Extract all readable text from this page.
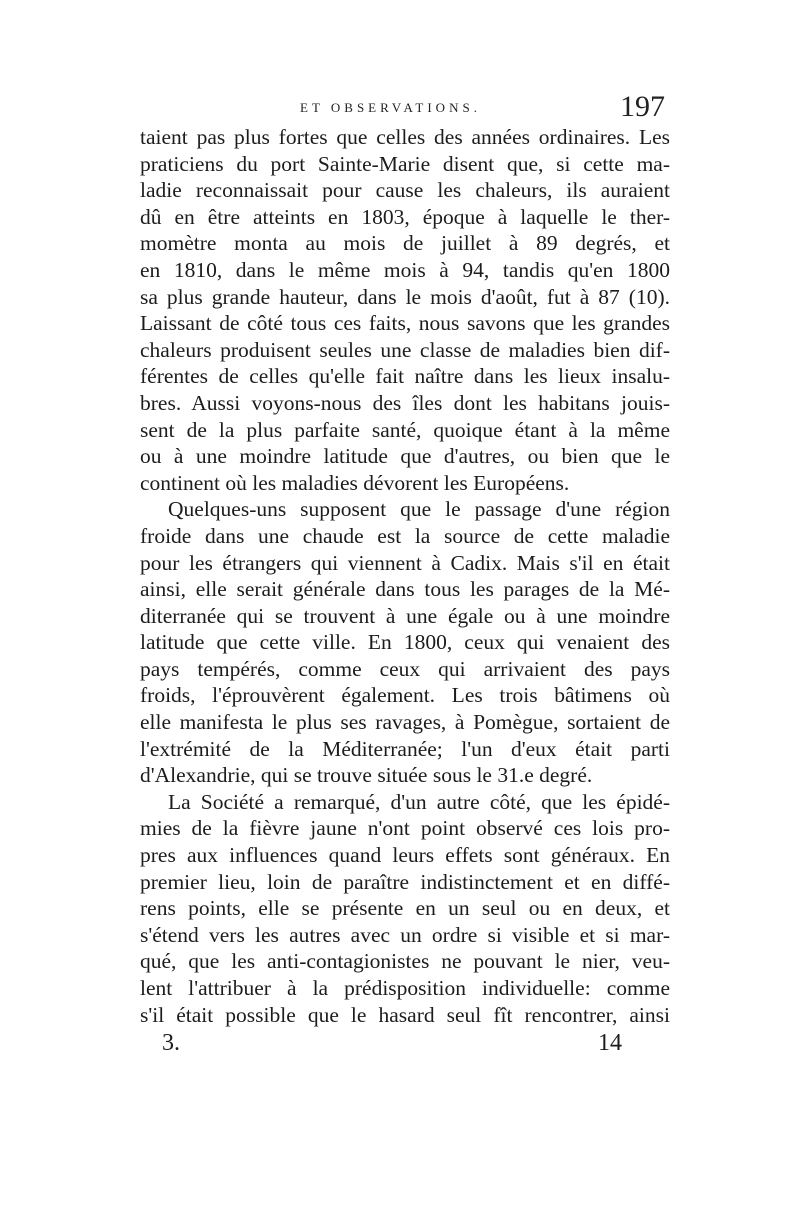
ET OBSERVATIONS.	197
taient pas plus fortes que celles des années ordinaires. Les
praticiens du port Sainte-Marie disent que, si cette ma-
ladie reconnaissait pour cause les chaleurs, ils auraient
dû en être atteints en 1803, époque à laquelle le ther-
momètre monta au mois de juillet à 89 degrés, et
en 1810, dans le même mois à 94, tandis qu'en 1800
sa plus grande hauteur, dans le mois d'août, fut à 87 (10).
Laissant de côté tous ces faits, nous savons que les grandes
chaleurs produisent seules une classe de maladies bien dif-
férentes de celles qu'elle fait naître dans les lieux insalu-
bres. Aussi voyons-nous des îles dont les habitans jouis-
sent de la plus parfaite santé, quoique étant à la même
ou à une moindre latitude que d'autres, ou bien que le
continent où les maladies dévorent les Européens.
Quelques-uns supposent que le passage d'une région
froide dans une chaude est la source de cette maladie
pour les étrangers qui viennent à Cadix. Mais s'il en était
ainsi, elle serait générale dans tous les parages de la Mé-
diterranée qui se trouvent à une égale ou à une moindre
latitude que cette ville. En 1800, ceux qui venaient des
pays tempérés, comme ceux qui arrivaient des pays
froids, l'éprouvèrent également. Les trois bâtimens où
elle manifesta le plus ses ravages, à Pomègue, sortaient de
l'extrémité de la Méditerranée; l'un d'eux était parti
d'Alexandrie, qui se trouve située sous le 31.e degré.
La Société a remarqué, d'un autre côté, que les épidé-
mies de la fièvre jaune n'ont point observé ces lois pro-
pres aux influences quand leurs effets sont généraux. En
premier lieu, loin de paraître indistinctement et en diffé-
rens points, elle se présente en un seul ou en deux, et
s'étend vers les autres avec un ordre si visible et si mar-
qué, que les anti-contagionistes ne pouvant le nier, veu-
lent l'attribuer à la prédisposition individuelle: comme
s'il était possible que le hasard seul fît rencontrer, ainsi
3.	14
